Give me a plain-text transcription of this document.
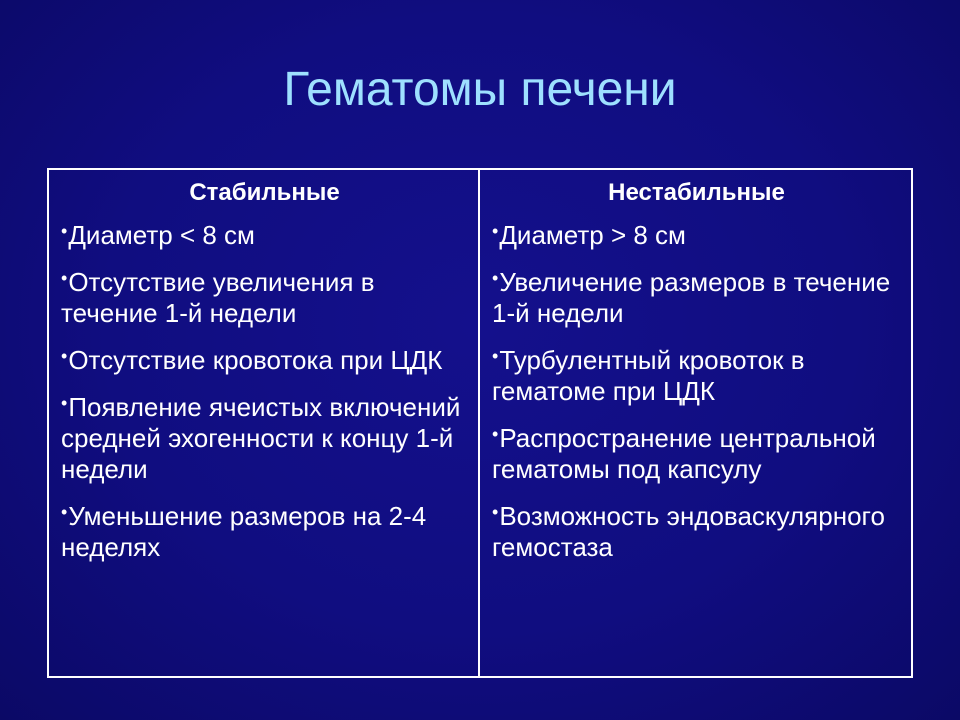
Гематомы печени
Стабильные
•Диаметр < 8 см
•Отсутствие увеличения в течение 1-й недели
•Отсутствие кровотока при ЦДК
•Появление ячеистых включений средней эхогенности к концу 1-й недели
•Уменьшение размеров на 2-4 неделях
Нестабильные
•Диаметр > 8 см
•Увеличение размеров в течение 1-й недели
•Турбулентный кровоток в гематоме при ЦДК
•Распространение центральной гематомы под капсулу
•Возможность эндоваскулярного гемостаза
